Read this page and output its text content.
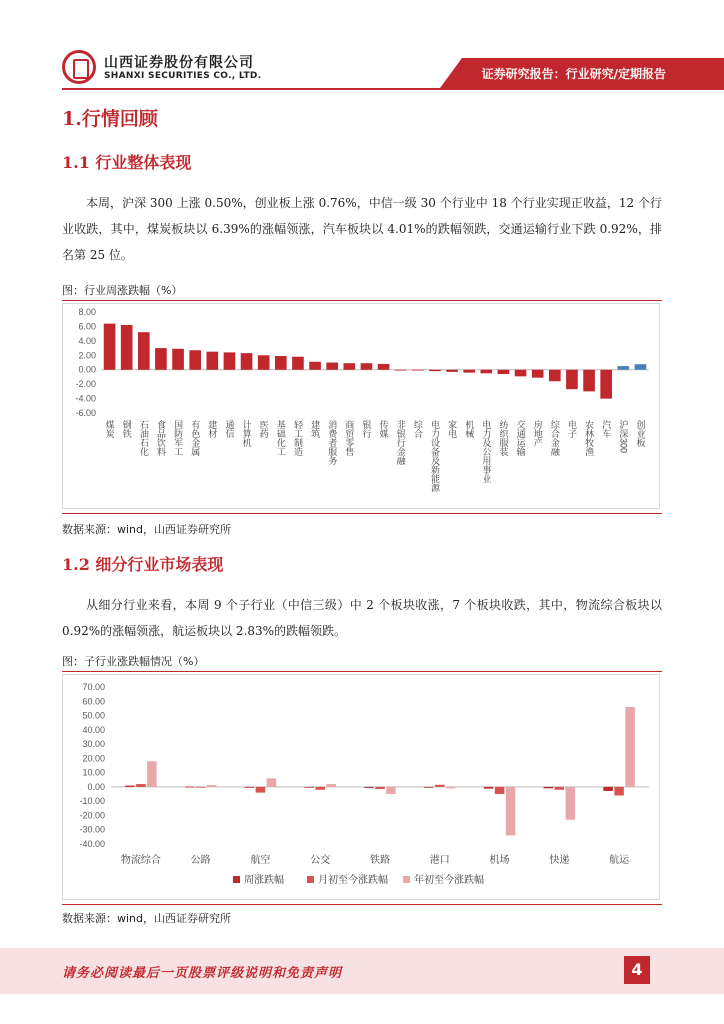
山西证券股份有限公司
SHANXI SECURITIES CO., LTD.	证券研究报告：行业研究/定期报告
1.行情回顾
1.1 行业整体表现
本周，沪深 300 上涨 0.50%，创业板上涨 0.76%，中信一级 30 个行业中 18 个行业实现正收益，12 个行业收跌，其中，煤炭板块以 6.39%的涨幅领涨，汽车板块以 4.01%的跌幅领跌，交通运输行业下跌 0.92%，排名第 25 位。
图：行业周涨跌幅（%）
8.00
6.00
4.00
2.00
0.00
-2.00
-4.00
-6.00
煤炭 钢铁 石油石化 食品饮料 国防军工 有色金属 建材 通信 计算机 医药 基础化工 轻工制造 建筑 消费者服务 商贸零售 银行 传媒 非银行金融 综合 电力设备及新能源 家电 机械 电力及公用事业 纺织服装 交通运输 房地产 综合金融 电子 农林牧渔 汽车 沪深300 创业板
数据来源：wind，山西证券研究所
1.2 细分行业市场表现
从细分行业来看，本周 9 个子行业（中信三级）中 2 个板块收涨，7 个板块收跌，其中，物流综合板块以 0.92%的涨幅领涨，航运板块以 2.83%的跌幅领跌。
图：子行业涨跌幅情况（%）
70.00
60.00
50.00
40.00
30.00
20.00
10.00
0.00
-10.00
-20.00
-30.00
-40.00
物流综合	公路	航空	公交	铁路	港口	机场	快递	航运
周涨跌幅	月初至今涨跌幅	年初至今涨跌幅
数据来源：wind，山西证券研究所
请务必阅读最后一页股票评级说明和免责声明	4
